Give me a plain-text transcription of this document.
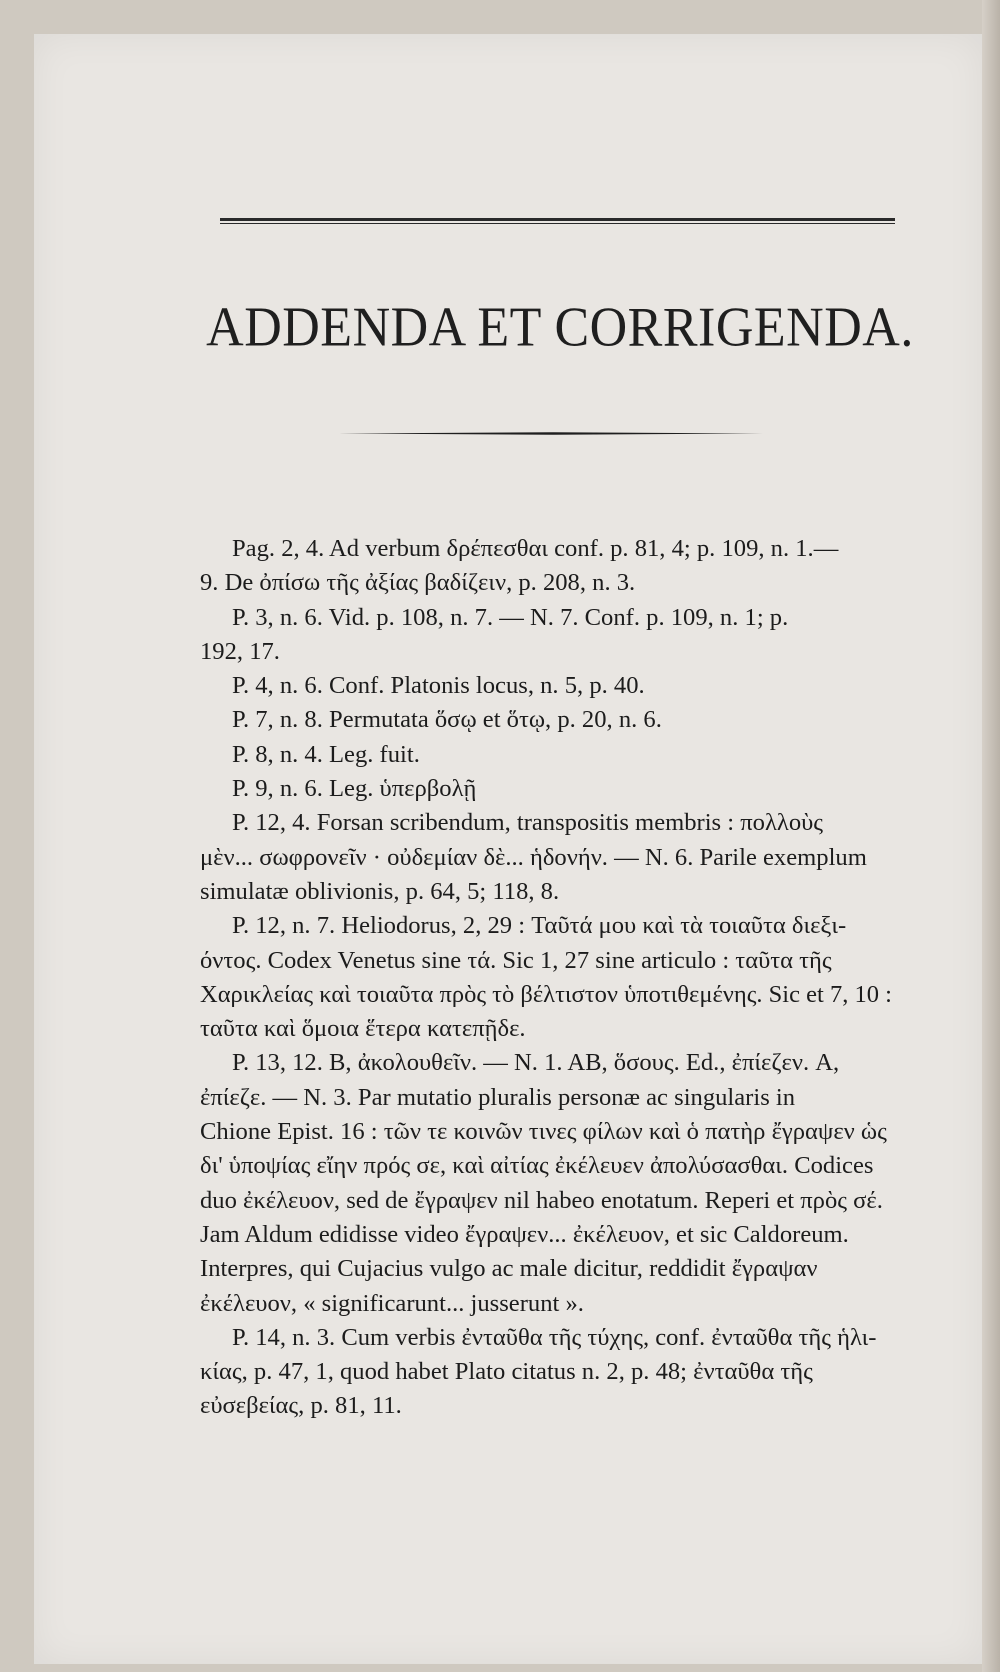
ADDENDA ET CORRIGENDA.
Pag. 2, 4. Ad verbum δρέπεσθαι conf. p. 81, 4; p. 109, n. 1.—
9. De ὀπίσω τῆς ἀξίας βαδίζειν, p. 208, n. 3.
P. 3, n. 6. Vid. p. 108, n. 7. — N. 7. Conf. p. 109, n. 1; p.
192, 17.
P. 4, n. 6. Conf. Platonis locus, n. 5, p. 40.
P. 7, n. 8. Permutata ὅσῳ et ὅτῳ, p. 20, n. 6.
P. 8, n. 4. Leg. fuit.
P. 9, n. 6. Leg. ὑπερβολῇ
P. 12, 4. Forsan scribendum, transpositis membris : πολλοὺς
μὲν... σωφρονεῖν · οὐδεμίαν δὲ... ἡδονήν. — N. 6. Parile exemplum
simulatæ oblivionis, p. 64, 5; 118, 8.
P. 12, n. 7. Heliodorus, 2, 29 : Ταῦτά μου καὶ τὰ τοιαῦτα διεξι-
όντος. Codex Venetus sine τά. Sic 1, 27 sine articulo : ταῦτα τῆς
Χαρικλείας καὶ τοιαῦτα πρὸς τὸ βέλτιστον ὑποτιθεμένης. Sic et 7, 10 :
ταῦτα καὶ ὅμοια ἕτερα κατεπῇδε.
P. 13, 12. B, ἀκολουθεῖν. — N. 1. AB, ὅσους. Ed., ἐπίεζεν. A,
ἐπίεζε. — N. 3. Par mutatio pluralis personæ ac singularis in
Chione Epist. 16 : τῶν τε κοινῶν τινες φίλων καὶ ὁ πατὴρ ἔγραψεν ὡς
δι' ὑποψίας εἴην πρός σε, καὶ αἰτίας ἐκέλευεν ἀπολύσασθαι. Codices
duo ἐκέλευον, sed de ἔγραψεν nil habeo enotatum. Reperi et πρὸς σέ.
Jam Aldum edidisse video ἔγραψεν... ἐκέλευον, et sic Caldoreum.
Interpres, qui Cujacius vulgo ac male dicitur, reddidit ἔγραψαν
ἐκέλευον, « significarunt... jusserunt ».
P. 14, n. 3. Cum verbis ἐνταῦθα τῆς τύχης, conf. ἐνταῦθα τῆς ἡλι-
κίας, p. 47, 1, quod habet Plato citatus n. 2, p. 48; ἐνταῦθα τῆς
εὐσεβείας, p. 81, 11.
